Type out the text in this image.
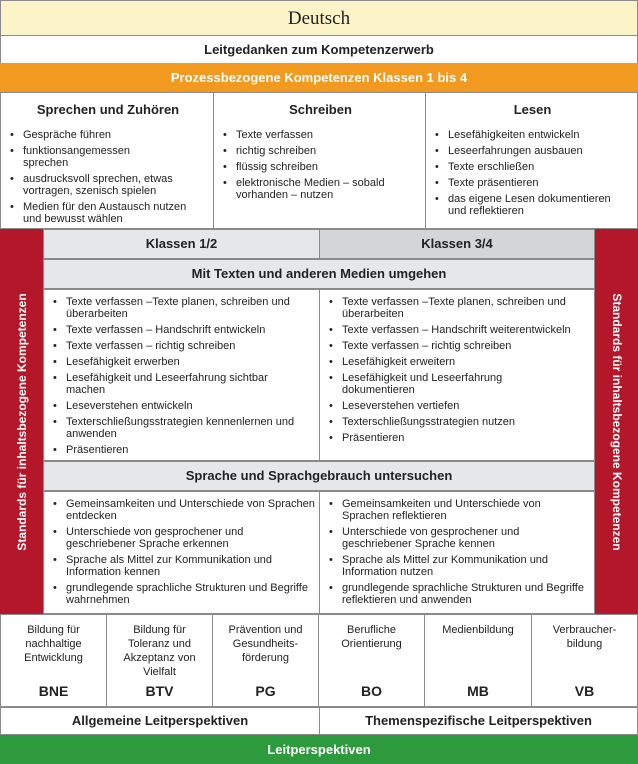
Deutsch
Leitgedanken zum Kompetenzerwerb
Prozessbezogene Kompetenzen Klassen 1 bis 4
Sprechen und Zuhören
• Gespräche führen
• funktionsangemessen sprechen
• ausdrucksvoll sprechen, etwas vortragen, szenisch spielen
• Medien für den Austausch nutzen und bewusst wählen
Schreiben
• Texte verfassen
• richtig schreiben
• flüssig schreiben
• elektronische Medien – sobald vorhanden – nutzen
Lesen
• Lesefähigkeiten entwickeln
• Leseerfahrungen ausbauen
• Texte erschließen
• Texte präsentieren
• das eigene Lesen dokumentieren und reflektieren
Standards für inhaltsbezogene Kompetenzen	Standards für inhaltsbezogene Kompetenzen
Klassen 1/2	Klassen 3/4
Mit Texten und anderen Medien umgehen
• Texte verfassen –Texte planen, schreiben und überarbeiten
• Texte verfassen – Handschrift entwickeln
• Texte verfassen – richtig schreiben
• Lesefähigkeit erwerben
• Lesefähigkeit und Leseerfahrung sichtbar machen
• Leseverstehen entwickeln
• Texterschließungsstrategien kennenlernen und anwenden
• Präsentieren
• Texte verfassen –Texte planen, schreiben und überarbeiten
• Texte verfassen – Handschrift weiterentwickeln
• Texte verfassen – richtig schreiben
• Lesefähigkeit erweitern
• Lesefähigkeit und Leseerfahrung dokumentieren
• Leseverstehen vertiefen
• Texterschließungsstrategien nutzen
• Präsentieren
Sprache und Sprachgebrauch untersuchen
• Gemeinsamkeiten und Unterschiede von Sprachen entdecken
• Unterschiede von gesprochener und geschriebener Sprache erkennen
• Sprache als Mittel zur Kommunikation und Information kennen
• grundlegende sprachliche Strukturen und Begriffe wahrnehmen
• Gemeinsamkeiten und Unterschiede von Sprachen reflektieren
• Unterschiede von gesprochener und geschriebener Sprache kennen
• Sprache als Mittel zur Kommunikation und Information nutzen
• grundlegende sprachliche Strukturen und Begriffe reflektieren und anwenden
Bildung für nachhaltige Entwicklung
BNE
Bildung für Toleranz und Akzeptanz von Vielfalt
BTV
Prävention und Gesundheits-förderung
PG
Berufliche Orientierung
BO
Medienbildung
MB
Verbraucher-bildung
VB
Allgemeine Leitperspektiven	Themenspezifische Leitperspektiven
Leitperspektiven
